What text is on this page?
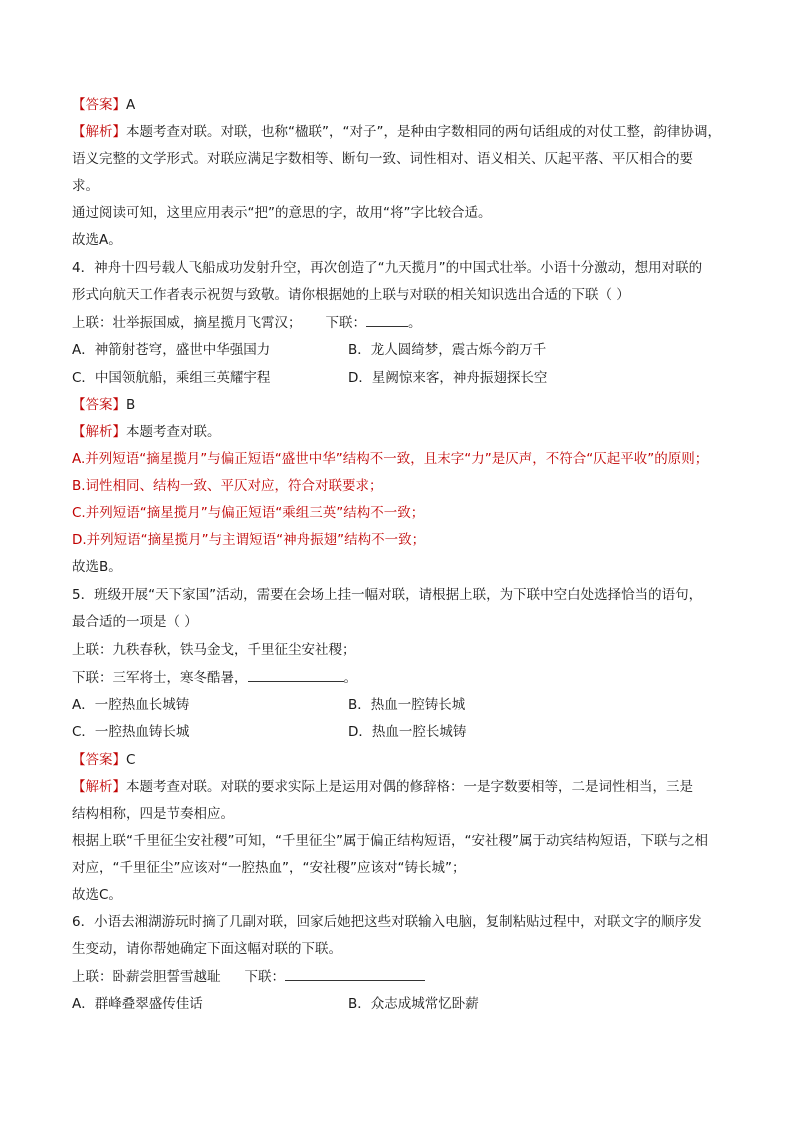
【答案】A
【解析】本题考查对联。对联，也称“楹联”，“对子”，是种由字数相同的两句话组成的对仗工整，韵律协调，
语义完整的文学形式。对联应满足字数相等、断句一致、词性相对、语义相关、仄起平落、平仄相合的要
求。
通过阅读可知，这里应用表示“把”的意思的字，故用“将”字比较合适。
故选A。
4．神舟十四号载人飞船成功发射升空，再次创造了“九天揽月”的中国式壮举。小语十分激动，想用对联的
形式向航天工作者表示祝贺与致敬。请你根据她的上联与对联的相关知识选出合适的下联（ ）
上联：壮举振国威，摘星揽月飞霄汉； 下联：	。
A．神箭射苍穹，盛世中华强国力	B．龙人圆绮梦，震古烁今韵万千
C．中国领航船，乘组三英耀宇程	D．星阙惊来客，神舟振翅探长空
【答案】B
【解析】本题考查对联。
A.并列短语“摘星揽月”与偏正短语“盛世中华”结构不一致，且末字“力”是仄声，不符合“仄起平收”的原则；
B.词性相同、结构一致、平仄对应，符合对联要求；
C.并列短语“摘星揽月”与偏正短语“乘组三英”结构不一致；
D.并列短语“摘星揽月”与主谓短语“神舟振翅”结构不一致；
故选B。
5．班级开展“天下家国”活动，需要在会场上挂一幅对联，请根据上联，为下联中空白处选择恰当的语句，
最合适的一项是（ ）
上联：九秩春秋，铁马金戈，千里征尘安社稷；
下联：三军将士，寒冬酷暑，	。
A．一腔热血长城铸	B．热血一腔铸长城
C．一腔热血铸长城	D．热血一腔长城铸
【答案】C
【解析】本题考查对联。对联的要求实际上是运用对偶的修辞格：一是字数要相等，二是词性相当，三是
结构相称，四是节奏相应。
根据上联“千里征尘安社稷”可知，“千里征尘”属于偏正结构短语，“安社稷”属于动宾结构短语，下联与之相
对应，“千里征尘”应该对“一腔热血”，“安社稷”应该对“铸长城”；
故选C。
6．小语去湘湖游玩时摘了几副对联，回家后她把这些对联输入电脑，复制粘贴过程中，对联文字的顺序发
生变动，请你帮她确定下面这幅对联的下联。
上联：卧薪尝胆誓雪越耻 下联：
A．群峰叠翠盛传佳话	B．众志成城常忆卧薪
